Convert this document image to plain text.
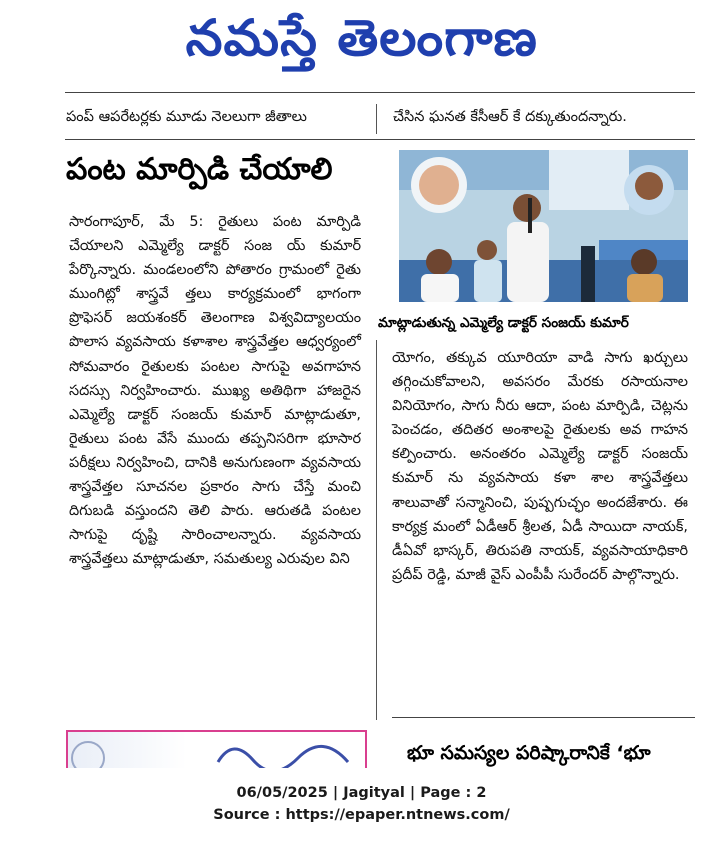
నమస్తే తెలంగాణ
పంప్ ఆపరేటర్లకు మూడు నెలలుగా జీతాలు	చేసిన ఘనత కేసీఆర్ కే దక్కుతుందన్నారు.
పంట మార్పిడి చేయాలి
మాట్లాడుతున్న ఎమ్మెల్యే డాక్టర్ సంజయ్ కుమార్

సారంగాపూర్, మే 5: రైతులు పంట మార్పిడి చేయాలని ఎమ్మెల్యే డాక్టర్ సంజ య్ కుమార్ పేర్కొన్నారు. మండలంలోని పోతారం గ్రామంలో రైతు ముంగిట్లో శాస్త్రవే త్తలు కార్యక్రమంలో భాగంగా ప్రొఫెసర్ జయశంకర్ తెలంగాణ విశ్వవిద్యాలయం పొలాస వ్యవసాయ కళాశాల శాస్త్రవేత్తల ఆధ్వర్యంలో సోమవారం రైతులకు పంటల సాగుపై అవగాహన సదస్సు నిర్వహించారు. ముఖ్య అతిథిగా హాజరైన ఎమ్మెల్యే డాక్టర్ సంజయ్ కుమార్ మాట్లాడుతూ, రైతులు పంట వేసే ముందు తప్పనిసరిగా భూసార పరీక్షలు నిర్వహించి, దానికి అనుగుణంగా వ్యవసాయ శాస్త్రవేత్తల సూచనల ప్రకారం సాగు చేస్తే మంచి దిగుబడి వస్తుందని తెలి పారు. ఆరుతడి పంటల సాగుపై దృష్టి సారించాలన్నారు. వ్యవసాయ శాస్త్రవేత్తలు మాట్లాడుతూ, సమతుల్య ఎరువుల విని

యోగం, తక్కువ యూరియా వాడి సాగు ఖర్చులు తగ్గించుకోవాలని, అవసరం మేరకు రసాయనాల వినియోగం, సాగు నీరు ఆదా, పంట మార్పిడి, చెట్లను పెంచడం, తదితర అంశాలపై రైతులకు అవ గాహన కల్పించారు. అనంతరం ఎమ్మెల్యే డాక్టర్ సంజయ్ కుమార్ ను వ్యవసాయ కళా శాల శాస్త్రవేత్తలు శాలువాతో సన్మానించి, పుష్పగుచ్ఛం అందజేశారు. ఈ కార్యక్ర మంలో ఏడీఆర్ శ్రీలత, ఏడీ సాయిదా నాయక్, డీఏవో భాస్కర్, తిరుపతి నాయక్, వ్యవసాయాధికారి ప్రదీప్ రెడ్డి, మాజీ వైస్ ఎంపీపీ సురేందర్ పాల్గొన్నారు.

భూ సమస్యల పరిష్కారానికే ‘భూ
06/05/2025 | Jagityal | Page : 2
Source : https://epaper.ntnews.com/
